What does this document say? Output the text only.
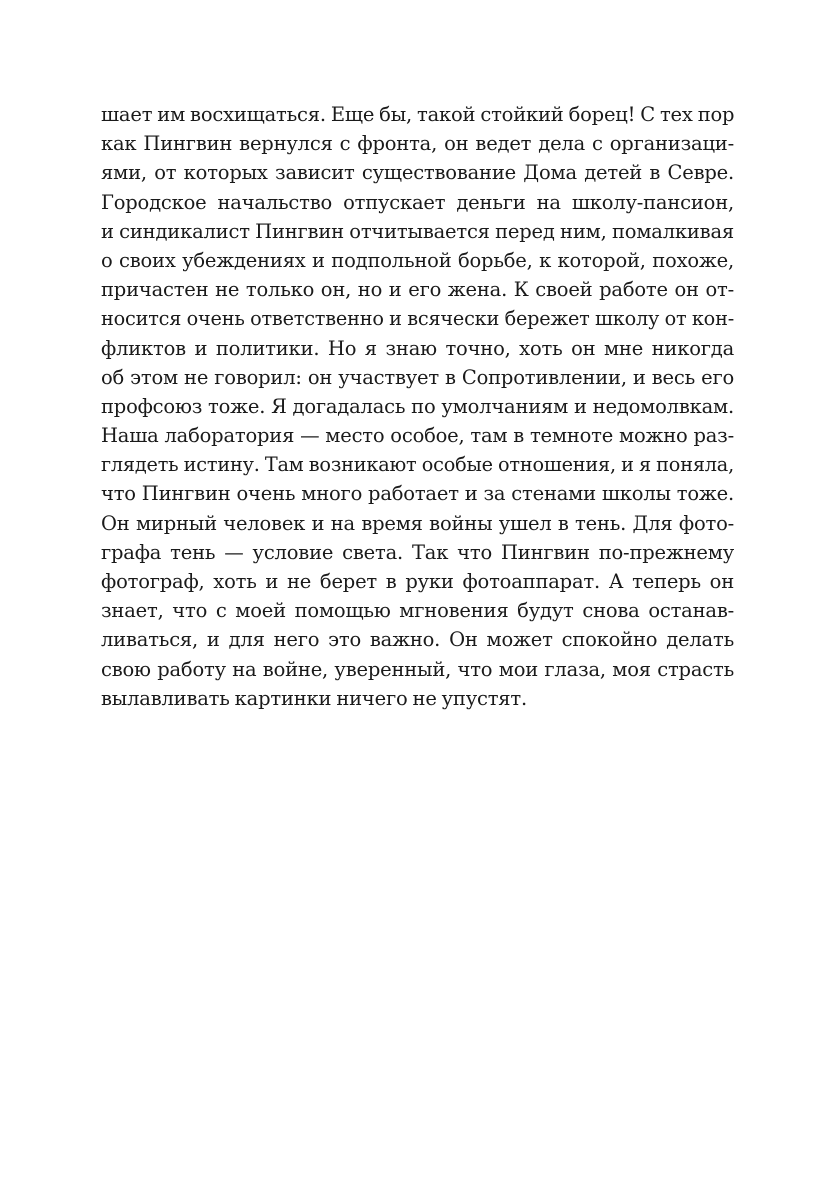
шает им восхищаться. Еще бы, такой стойкий борец! С тех пор
как Пингвин вернулся с фронта, он ведет дела с организаци-
ями, от которых зависит существование Дома детей в Севре.
Городское начальство отпускает деньги на школу-пансион,
и синдикалист Пингвин отчитывается перед ним, помалкивая
о своих убеждениях и подпольной борьбе, к которой, похоже,
причастен не только он, но и его жена. К своей работе он от-
носится очень ответственно и всячески бережет школу от кон-
фликтов и политики. Но я знаю точно, хоть он мне никогда
об этом не говорил: он участвует в Сопротивлении, и весь его
профсоюз тоже. Я догадалась по умолчаниям и недомолвкам.
Наша лаборатория — место особое, там в темноте можно раз-
глядеть истину. Там возникают особые отношения, и я поняла,
что Пингвин очень много работает и за стенами школы тоже.
Он мирный человек и на время войны ушел в тень. Для фото-
графа тень — условие света. Так что Пингвин по-прежнему
фотограф, хоть и не берет в руки фотоаппарат. А теперь он
знает, что с моей помощью мгновения будут снова останав-
ливаться, и для него это важно. Он может спокойно делать
свою работу на войне, уверенный, что мои глаза, моя страсть
вылавливать картинки ничего не упустят.
